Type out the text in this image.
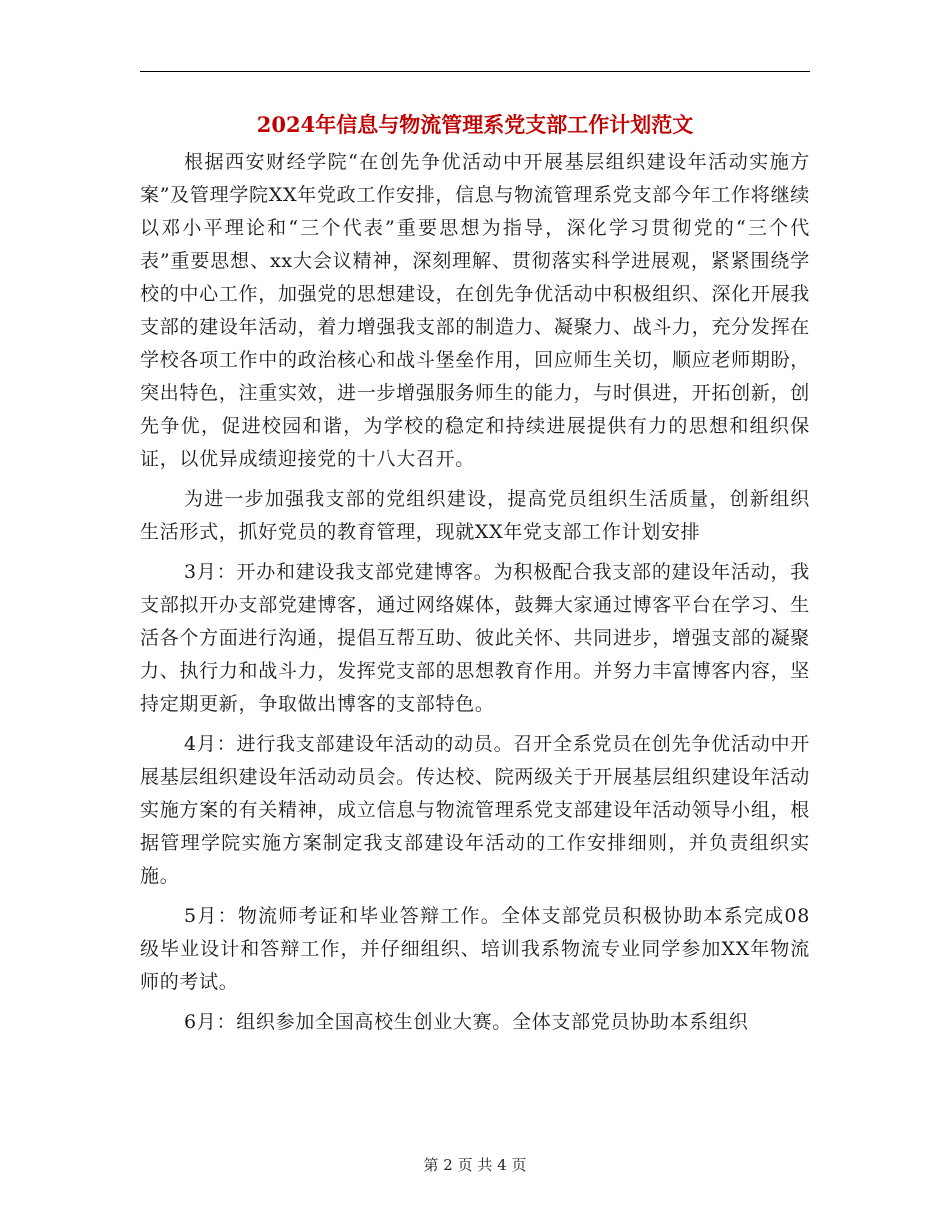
2024年信息与物流管理系党支部工作计划范文

根据西安财经学院“在创先争优活动中开展基层组织建设年活动实施方案”及管理学院XX年党政工作安排，信息与物流管理系党支部今年工作将继续以邓小平理论和“三个代表”重要思想为指导，深化学习贯彻党的“三个代表”重要思想、xx大会议精神，深刻理解、贯彻落实科学进展观，紧紧围绕学校的中心工作，加强党的思想建设，在创先争优活动中积极组织、深化开展我支部的建设年活动，着力增强我支部的制造力、凝聚力、战斗力，充分发挥在学校各项工作中的政治核心和战斗堡垒作用，回应师生关切，顺应老师期盼，突出特色，注重实效，进一步增强服务师生的能力，与时俱进，开拓创新，创先争优，促进校园和谐，为学校的稳定和持续进展提供有力的思想和组织保证，以优异成绩迎接党的十八大召开。

为进一步加强我支部的党组织建设，提高党员组织生活质量，创新组织生活形式，抓好党员的教育管理，现就XX年党支部工作计划安排

3月：开办和建设我支部党建博客。为积极配合我支部的建设年活动，我支部拟开办支部党建博客，通过网络媒体，鼓舞大家通过博客平台在学习、生活各个方面进行沟通，提倡互帮互助、彼此关怀、共同进步，增强支部的凝聚力、执行力和战斗力，发挥党支部的思想教育作用。并努力丰富博客内容，坚持定期更新，争取做出博客的支部特色。

4月：进行我支部建设年活动的动员。召开全系党员在创先争优活动中开展基层组织建设年活动动员会。传达校、院两级关于开展基层组织建设年活动实施方案的有关精神，成立信息与物流管理系党支部建设年活动领导小组，根据管理学院实施方案制定我支部建设年活动的工作安排细则，并负责组织实施。

5月：物流师考证和毕业答辩工作。全体支部党员积极协助本系完成08级毕业设计和答辩工作，并仔细组织、培训我系物流专业同学参加XX年物流师的考试。

6月：组织参加全国高校生创业大赛。全体支部党员协助本系组织

第 2 页 共 4 页
